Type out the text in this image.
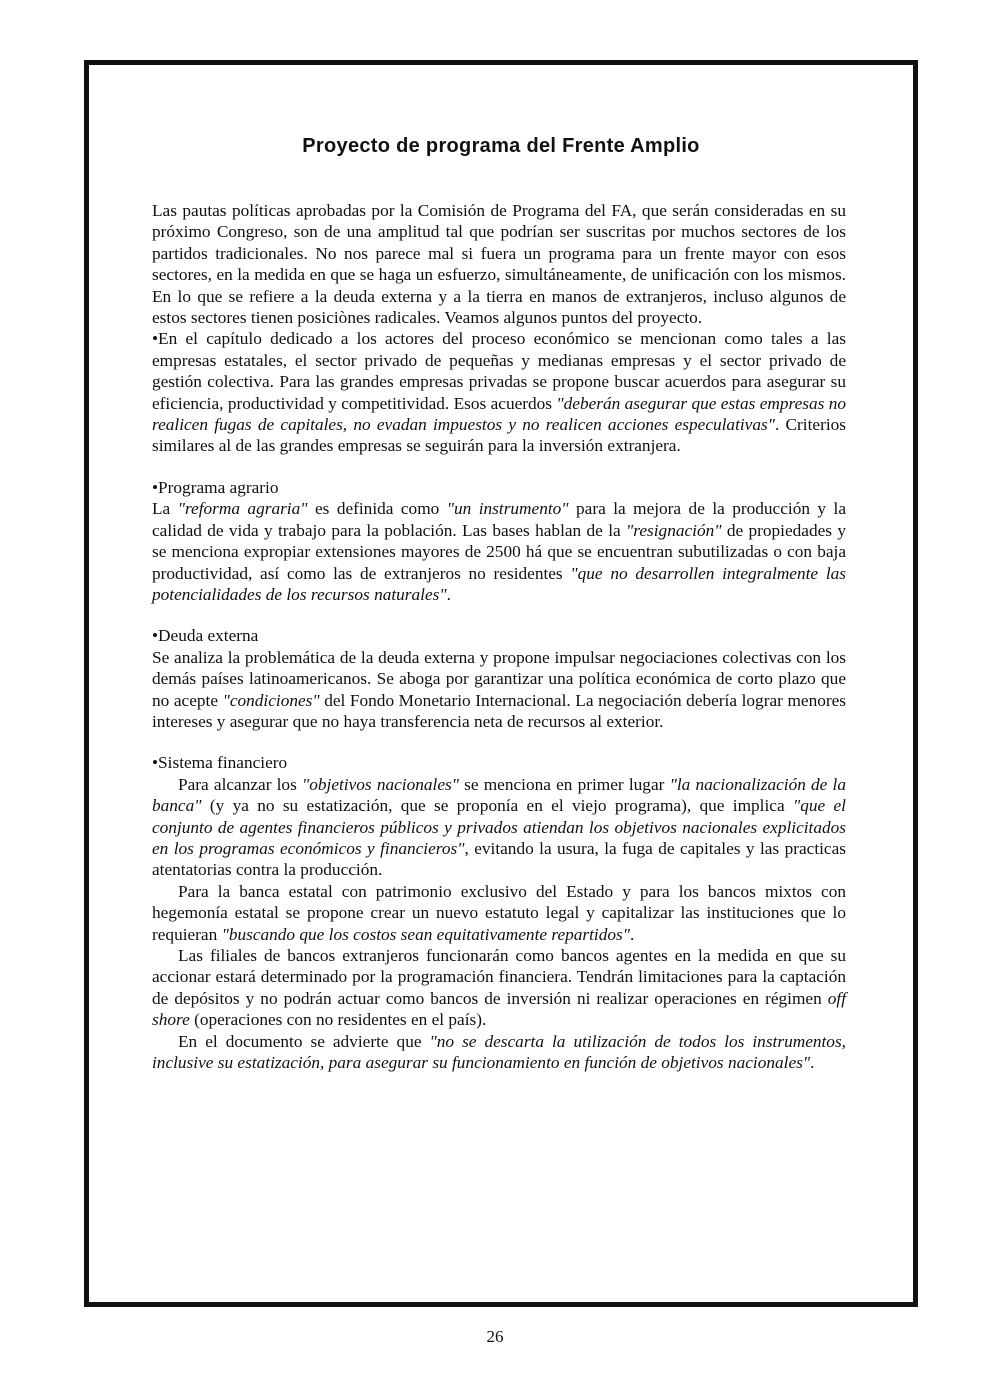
Proyecto de programa del Frente Amplio

Las pautas políticas aprobadas por la Comisión de Programa del FA, que serán consideradas en su próximo Congreso, son de una amplitud tal que podrían ser suscritas por muchos sectores de los partidos tradicionales. No nos parece mal si fuera un programa para un frente mayor con esos sectores, en la medida en que se haga un esfuerzo, simultáneamente, de unificación con los mismos. En lo que se refiere a la deuda externa y a la tierra en manos de extranjeros, incluso algunos de estos sectores tienen posiciònes radicales. Veamos algunos puntos del proyecto.

•En el capítulo dedicado a los actores del proceso económico se mencionan como tales a las empresas estatales, el sector privado de pequeñas y medianas empresas y el sector privado de gestión colectiva. Para las grandes empresas privadas se propone buscar acuerdos para asegurar su eficiencia, productividad y competitividad. Esos acuerdos "deberán asegurar que estas empresas no realicen fugas de capitales, no evadan impuestos y no realicen acciones especulativas". Criterios similares al de las grandes empresas se seguirán para la inversión extranjera.

•Programa agrario

La "reforma agraria" es definida como "un instrumento" para la mejora de la producción y la calidad de vida y trabajo para la población. Las bases hablan de la "resignación" de propiedades y se menciona expropiar extensiones mayores de 2500 há que se encuentran subutilizadas o con baja productividad, así como las de extranjeros no residentes "que no desarrollen integralmente las potencialidades de los recursos naturales".

•Deuda externa

Se analiza la problemática de la deuda externa y propone impulsar negociaciones colectivas con los demás países latinoamericanos. Se aboga por garantizar una política económica de corto plazo que no acepte "condiciones" del Fondo Monetario Internacional. La negociación debería lograr menores intereses y asegurar que no haya transferencia neta de recursos al exterior.

•Sistema financiero

Para alcanzar los "objetivos nacionales" se menciona en primer lugar "la nacionalización de la banca" (y ya no su estatización, que se proponía en el viejo programa), que implica "que el conjunto de agentes financieros públicos y privados atiendan los objetivos nacionales explicitados en los programas económicos y financieros", evitando la usura, la fuga de capitales y las practicas atentatorias contra la producción.

Para la banca estatal con patrimonio exclusivo del Estado y para los bancos mixtos con hegemonía estatal se propone crear un nuevo estatuto legal y capitalizar las instituciones que lo requieran "buscando que los costos sean equitativamente repartidos".

Las filiales de bancos extranjeros funcionarán como bancos agentes en la medida en que su accionar estará determinado por la programación financiera. Tendrán limitaciones para la captación de depósitos y no podrán actuar como bancos de inversión ni realizar operaciones en régimen off shore (operaciones con no residentes en el país).

En el documento se advierte que "no se descarta la utilización de todos los instrumentos, inclusive su estatización, para asegurar su funcionamiento en función de objetivos nacionales".

26
